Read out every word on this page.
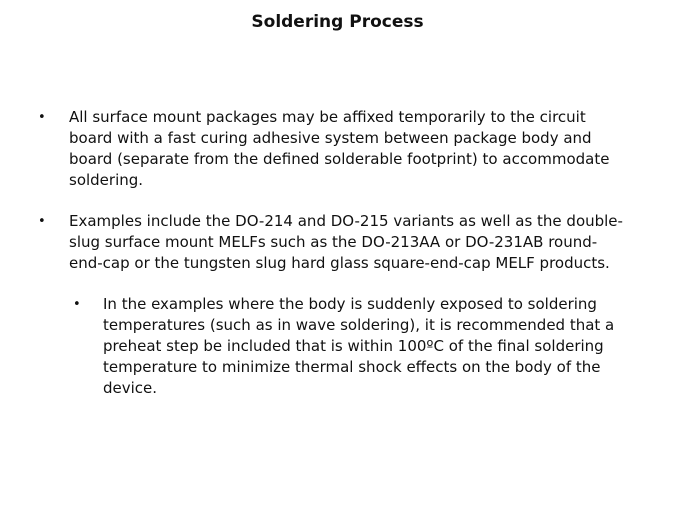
Soldering Process
• All surface mount packages may be affixed temporarily to the circuit board with a fast curing adhesive system between package body and board (separate from the defined solderable footprint) to accommodate soldering.
• Examples include the DO-214 and DO-215 variants as well as the double-slug surface mount MELFs such as the DO-213AA or DO-231AB round-end-cap or the tungsten slug hard glass square-end-cap MELF products.
• In the examples where the body is suddenly exposed to soldering temperatures (such as in wave soldering), it is recommended that a preheat step be included that is within 100ºC of the final soldering temperature to minimize thermal shock effects on the body of the device.
